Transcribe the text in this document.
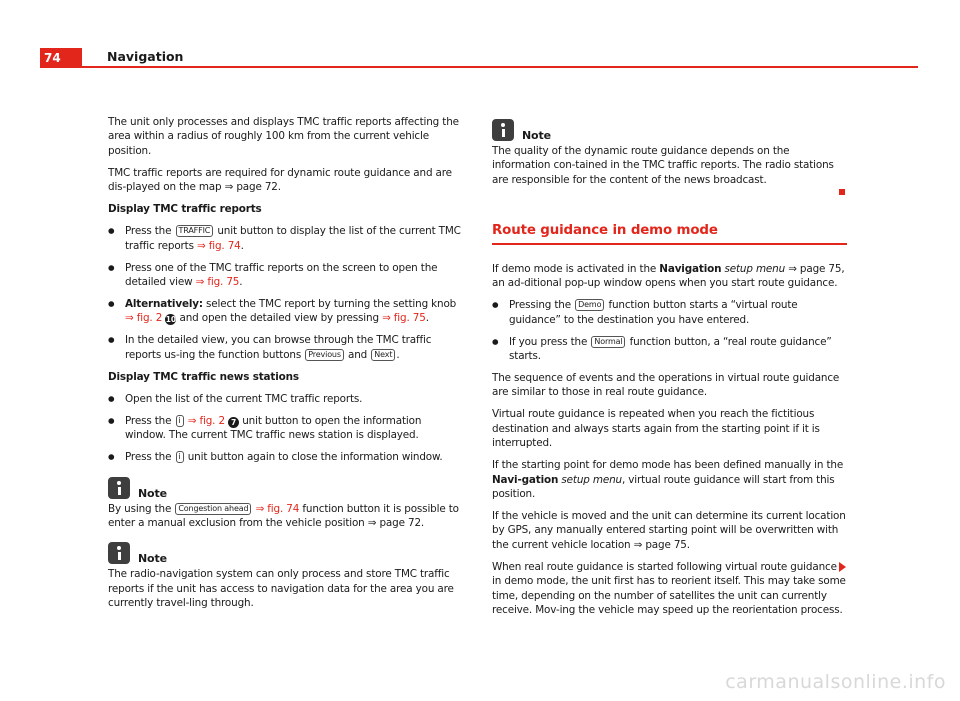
74	Navigation

The unit only processes and displays TMC traffic reports affecting the area within a radius of roughly 100 km from the current vehicle position.

TMC traffic reports are required for dynamic route guidance and are dis-played on the map ⇒ page 72.

Display TMC traffic reports

● Press the TRAFFIC unit button to display the list of the current TMC traffic reports ⇒ fig. 74.

● Press one of the TMC traffic reports on the screen to open the detailed view ⇒ fig. 75.

● Alternatively: select the TMC report by turning the setting knob ⇒ fig. 2 10 and open the detailed view by pressing ⇒ fig. 75.

● In the detailed view, you can browse through the TMC traffic reports us-ing the function buttons Previous and Next .

Display TMC traffic news stations

● Open the list of the current TMC traffic reports.

● Press the i ⇒ fig. 2 7 unit button to open the information window. The current TMC traffic news station is displayed.

● Press the i unit button again to close the information window.

Note

By using the Congestion ahead ⇒ fig. 74 function button it is possible to enter a manual exclusion from the vehicle position ⇒ page 72.

Note

The radio-navigation system can only process and store TMC traffic reports if the unit has access to navigation data for the area you are currently travel-ling through.

Note

The quality of the dynamic route guidance depends on the information con-tained in the TMC traffic reports. The radio stations are responsible for the content of the news broadcast.

Route guidance in demo mode

If demo mode is activated in the Navigation setup menu ⇒ page 75, an ad-ditional pop-up window opens when you start route guidance.

● Pressing the Demo function button starts a “virtual route guidance” to the destination you have entered.

● If you press the Normal function button, a “real route guidance” starts.

The sequence of events and the operations in virtual route guidance are similar to those in real route guidance.

Virtual route guidance is repeated when you reach the fictitious destination and always starts again from the starting point if it is interrupted.

If the starting point for demo mode has been defined manually in the Navi-gation setup menu, virtual route guidance will start from this position.

If the vehicle is moved and the unit can determine its current location by GPS, any manually entered starting point will be overwritten with the current vehicle location ⇒ page 75.

When real route guidance is started following virtual route guidance in demo mode, the unit first has to reorient itself. This may take some time, depending on the number of satellites the unit can currently receive. Mov-ing the vehicle may speed up the reorientation process.

carmanualsonline.info
